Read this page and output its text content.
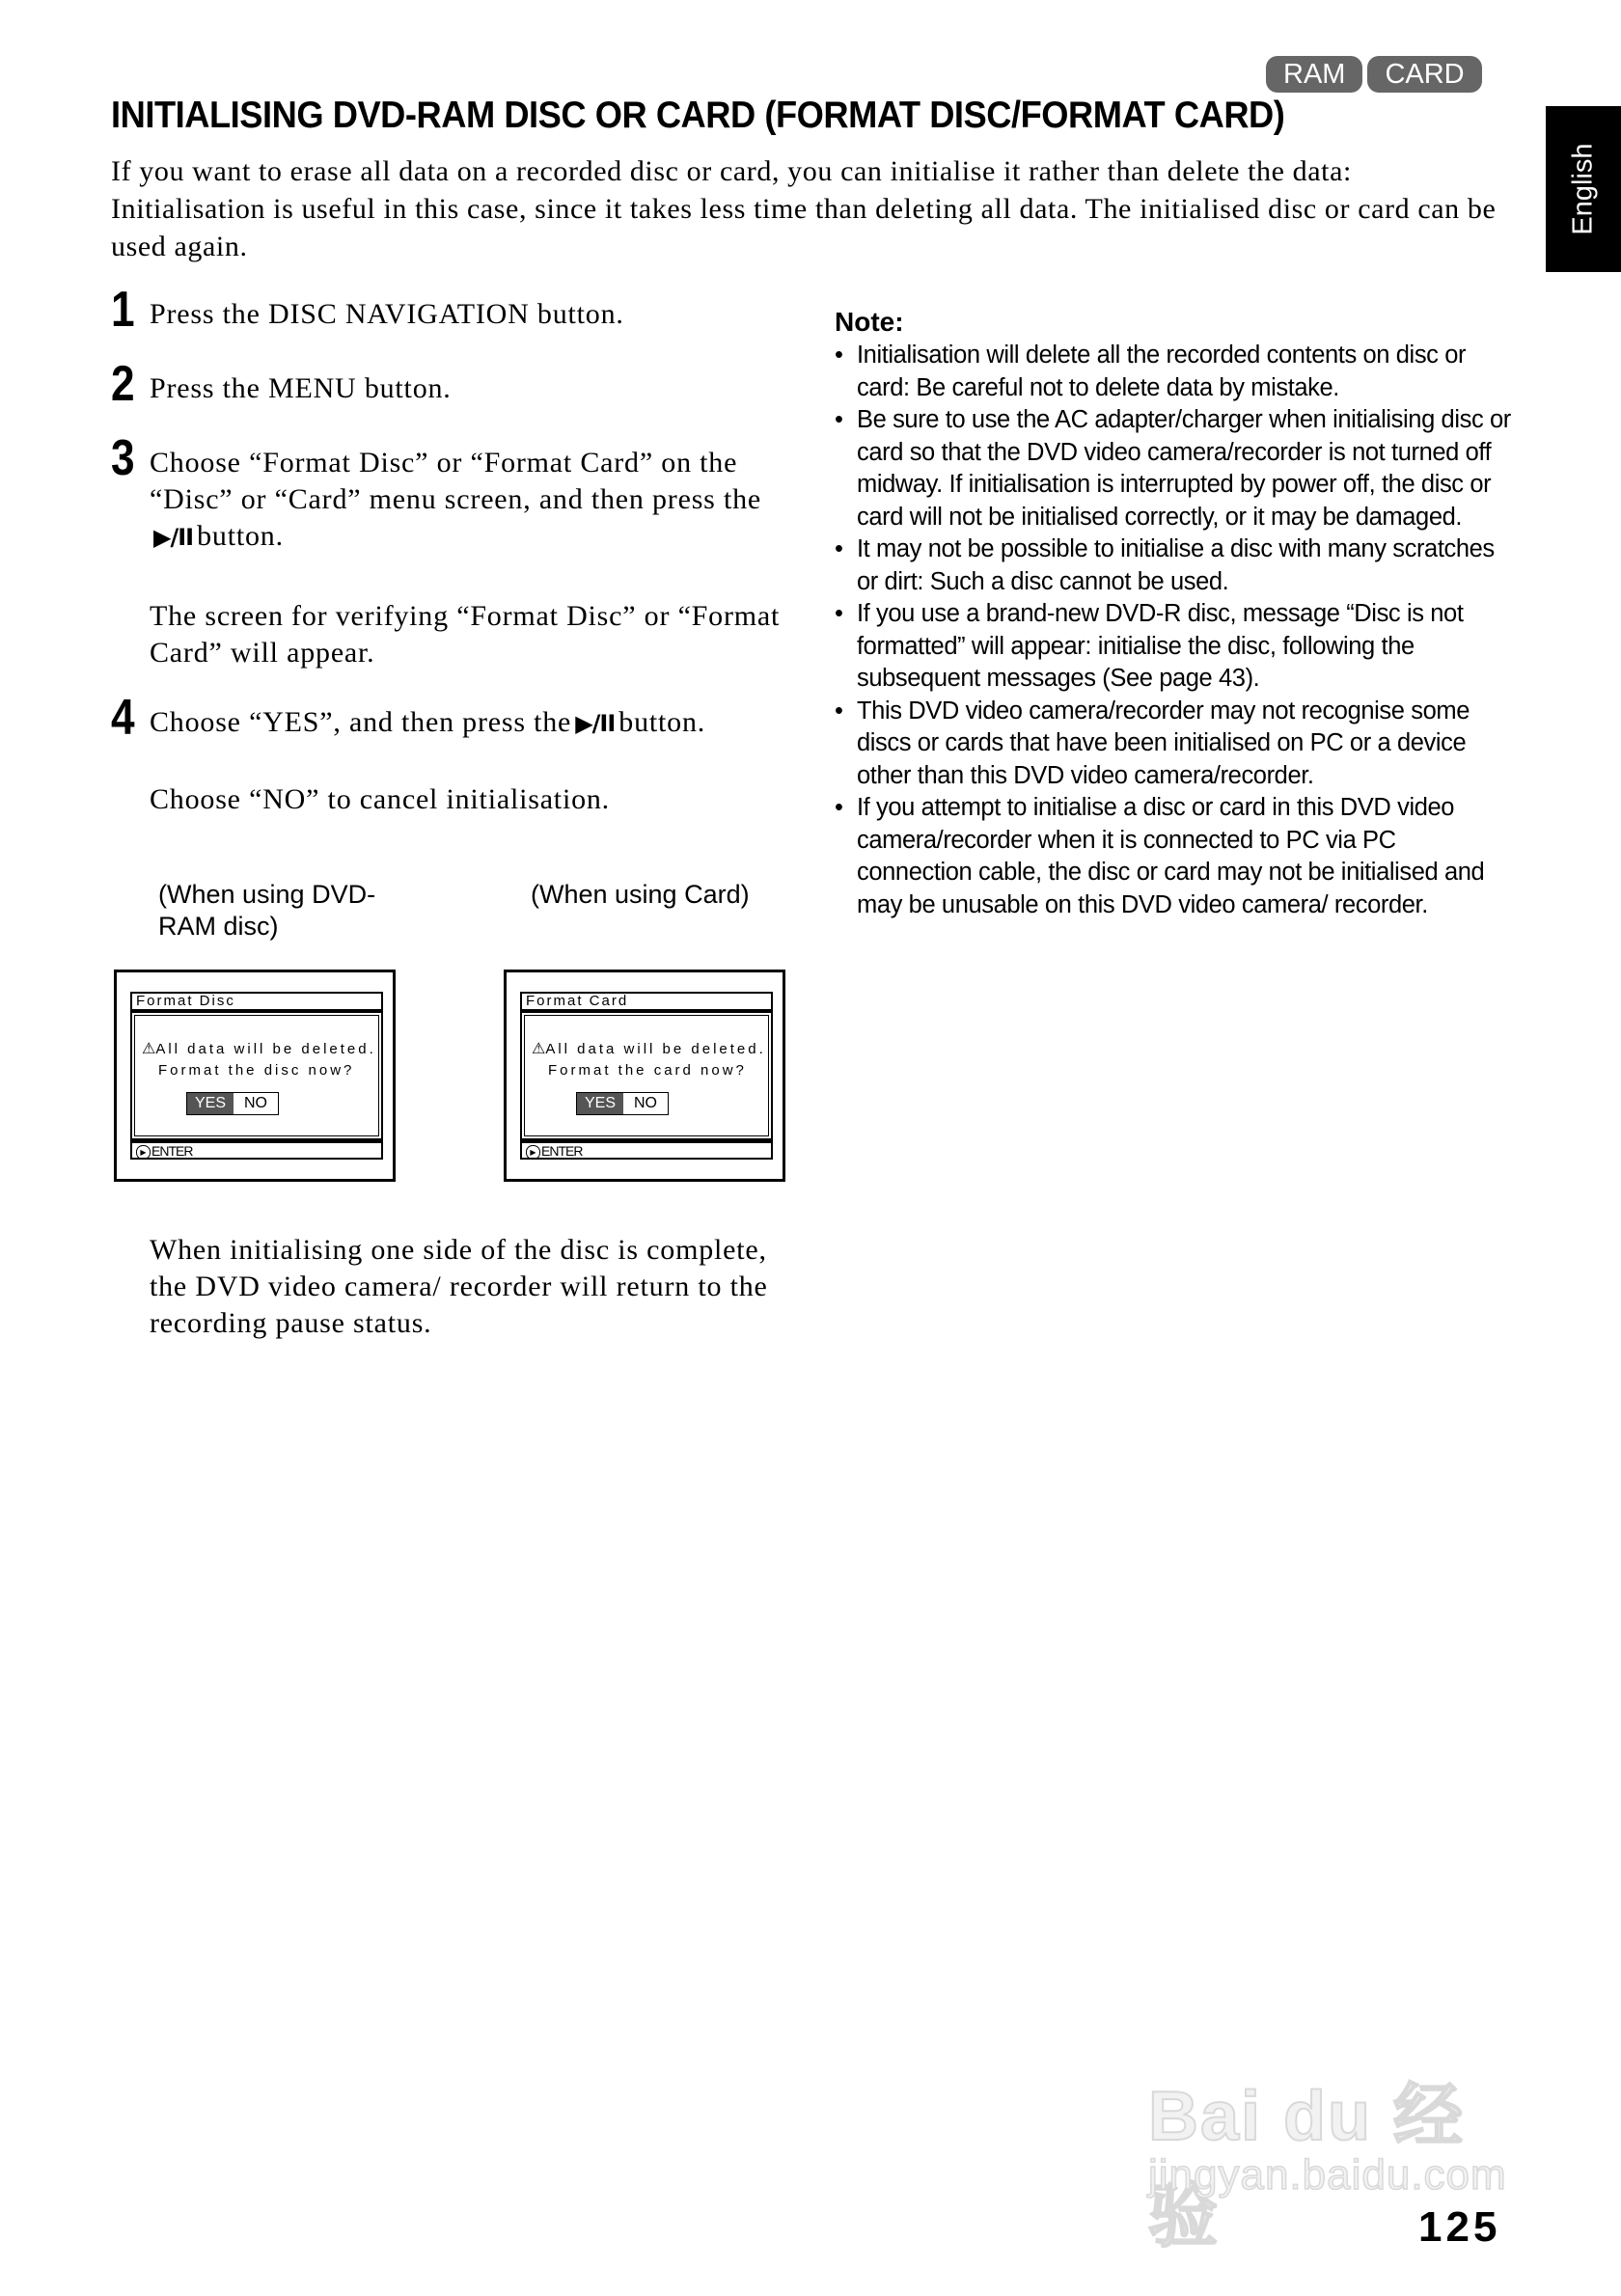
RAM	CARD
English
INITIALISING DVD-RAM DISC OR CARD (FORMAT DISC/FORMAT CARD)
If you want to erase all data on a recorded disc or card, you can initialise it rather than delete the data: Initialisation is useful in this case, since it takes less time than deleting all data. The initialised disc or card can be used again.
1 Press the DISC NAVIGATION button.
2 Press the MENU button.
3 Choose “Format Disc” or “Format Card” on the “Disc” or “Card” menu screen, and then press the▶/II button.
The screen for verifying “Format Disc” or “Format Card” will appear.
4 Choose “YES”, and then press the ▶/II button.
Choose “NO” to cancel initialisation.
(When using DVD-RAM disc)
(When using Card)
Format Disc
⚠All data will be deleted.
Format the disc now?
YES	NO
▶ ENTER
Format Card
⚠All data will be deleted.
Format the card now?
YES	NO
▶ ENTER
When initialising one side of the disc is complete, the DVD video camera/ recorder will return to the recording pause status.
Note:
• Initialisation will delete all the recorded contents on disc or card: Be careful not to delete data by mistake.
• Be sure to use the AC adapter/charger when initialising disc or card so that the DVD video camera/recorder is not turned off midway. If initialisation is interrupted by power off, the disc or card will not be initialised correctly, or it may be damaged.
• It may not be possible to initialise a disc with many scratches or dirt: Such a disc cannot be used.
• If you use a brand-new DVD-R disc, message “Disc is not formatted” will appear: initialise the disc, following the subsequent messages (See page 43).
• This DVD video camera/recorder may not recognise some discs or cards that have been initialised on PC or a device other than this DVD video camera/recorder.
• If you attempt to initialise a disc or card in this DVD video camera/recorder when it is connected to PC via PC connection cable, the disc or card may not be initialised and may be unusable on this DVD video camera/ recorder.
Bai du 经验
jingyan.baidu.com
125
